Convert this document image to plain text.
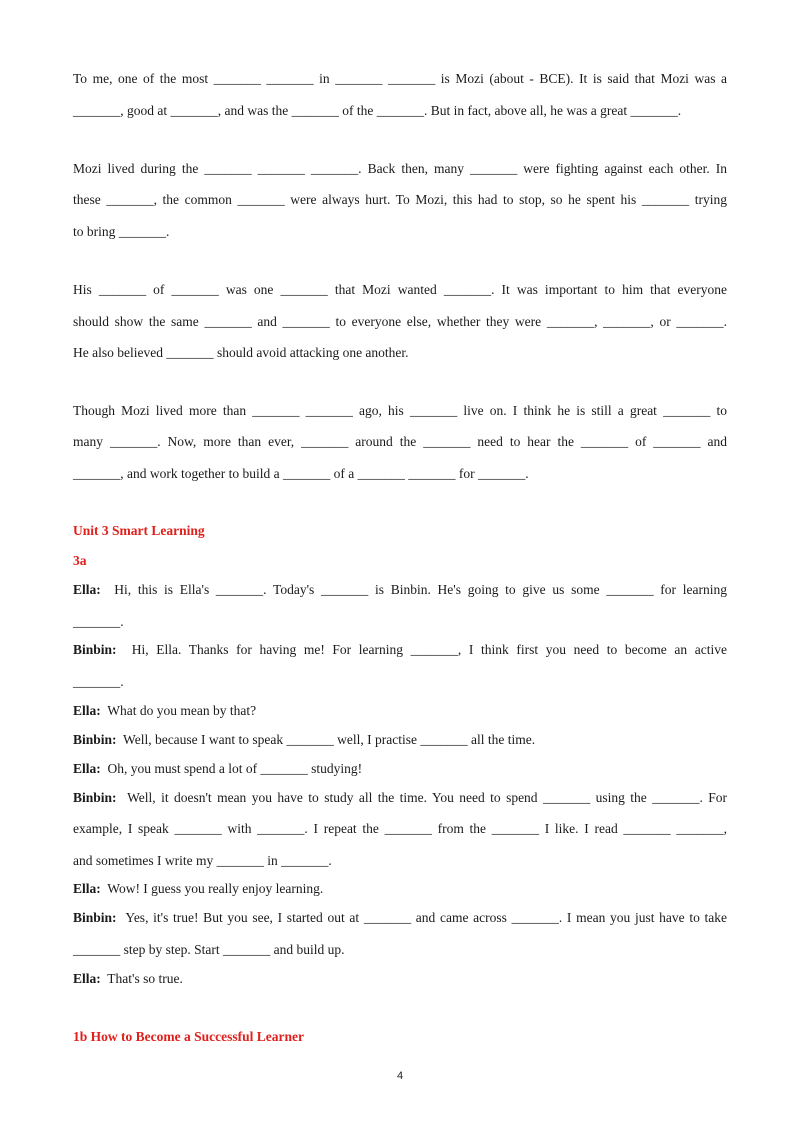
To me, one of the most _______ _______ in _______ _______ is Mozi (about - BCE). It is said that Mozi was a
_______, good at _______, and was the _______ of the _______. But in fact, above all, he was a great _______.
Mozi lived during the _______ _______ _______. Back then, many _______ were fighting against each other. In
these _______, the common _______ were always hurt. To Mozi, this had to stop, so he spent his _______ trying
to bring _______.
His _______ of _______ was one _______ that Mozi wanted _______. It was important to him that everyone
should show the same _______ and _______ to everyone else, whether they were _______, _______, or _______.
He also believed _______ should avoid attacking one another.
Though Mozi lived more than _______ _______ ago, his _______ live on. I think he is still a great _______ to
many _______. Now, more than ever, _______ around the _______ need to hear the _______ of _______ and
_______, and work together to build a _______ of a _______ _______ for _______.
Unit 3 Smart Learning
3a
Ella: Hi, this is Ella's _______. Today's _______ is Binbin. He's going to give us some _______ for learning
_______.
Binbin: Hi, Ella. Thanks for having me! For learning _______, I think first you need to become an active
_______.
Ella: What do you mean by that?
Binbin: Well, because I want to speak _______ well, I practise _______ all the time.
Ella: Oh, you must spend a lot of _______ studying!
Binbin: Well, it doesn't mean you have to study all the time. You need to spend _______ using the _______. For
example, I speak _______ with _______. I repeat the _______ from the _______ I like. I read _______ _______,
and sometimes I write my _______ in _______.
Ella: Wow! I guess you really enjoy learning.
Binbin: Yes, it's true! But you see, I started out at _______ and came across _______. I mean you just have to take
_______ step by step. Start _______ and build up.
Ella: That's so true.
1b How to Become a Successful Learner
4
